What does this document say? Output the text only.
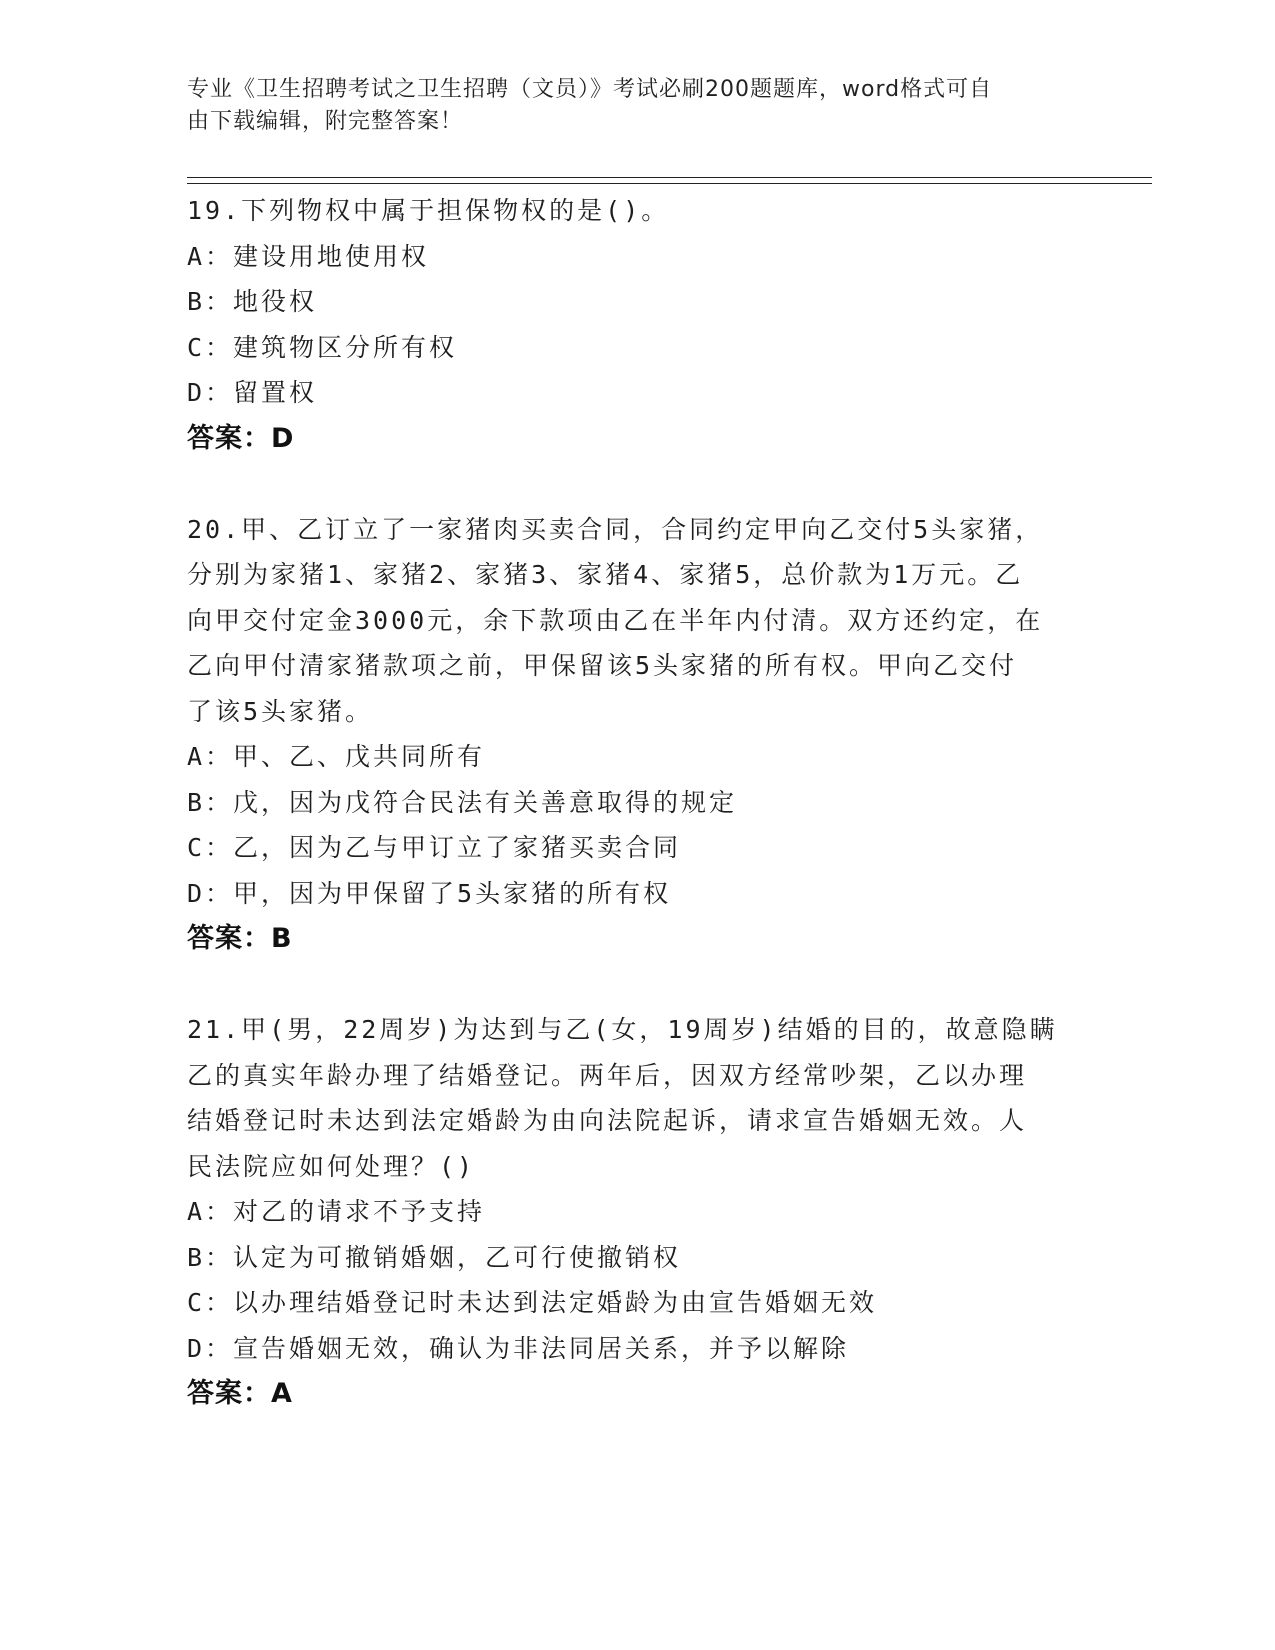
专业《卫生招聘考试之卫生招聘（文员）》考试必刷200题题库，word格式可自
由下载编辑，附完整答案！
19.下列物权中属于担保物权的是()。
A：建设用地使用权
B：地役权
C：建筑物区分所有权
D：留置权
答案：D
20.甲、乙订立了一家猪肉买卖合同，合同约定甲向乙交付5头家猪，
分别为家猪1、家猪2、家猪3、家猪4、家猪5，总价款为1万元。乙
向甲交付定金3000元，余下款项由乙在半年内付清。双方还约定，在
乙向甲付清家猪款项之前，甲保留该5头家猪的所有权。甲向乙交付
了该5头家猪。
A：甲、乙、戊共同所有
B：戊，因为戊符合民法有关善意取得的规定
C：乙，因为乙与甲订立了家猪买卖合同
D：甲，因为甲保留了5头家猪的所有权
答案：B
21.甲(男，22周岁)为达到与乙(女，19周岁)结婚的目的，故意隐瞒
乙的真实年龄办理了结婚登记。两年后，因双方经常吵架，乙以办理
结婚登记时未达到法定婚龄为由向法院起诉，请求宣告婚姻无效。人
民法院应如何处理？()
A：对乙的请求不予支持
B：认定为可撤销婚姻，乙可行使撤销权
C：以办理结婚登记时未达到法定婚龄为由宣告婚姻无效
D：宣告婚姻无效，确认为非法同居关系，并予以解除
答案：A
